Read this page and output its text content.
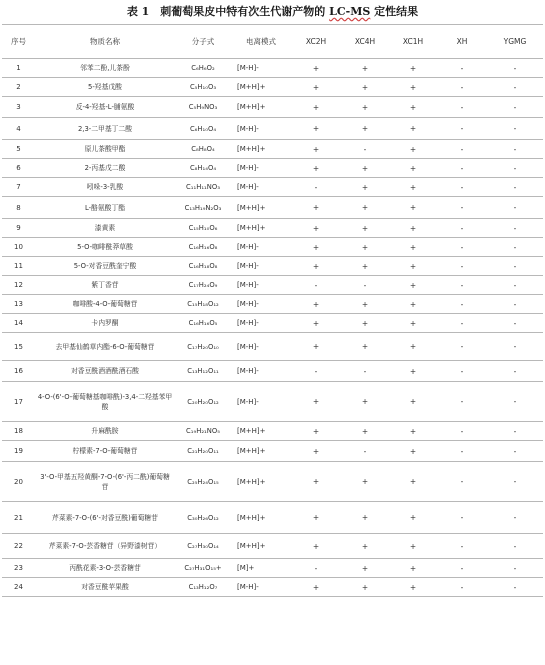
表 1　刺葡萄果皮中特有次生代谢产物的 LC-MS 定性结果
序号	物质名称	分子式	电离模式	XC2H	XC4H	XC1H	XH	YGMG
1	邻苯二酚,儿茶酚	C₆H₆O₂	[M-H]-	+	+	+	-	-
2	5-羟基戊酸	C₅H₁₀O₃	[M+H]+	+	+	+	-	-
3	反-4-羟基-L-脯氨酸	C₅H₉NO₃	[M+H]+	+	+	+	-	-
4	2,3-二甲基丁二酸	C₆H₁₀O₄	[M-H]-	+	+	+	-	-
5	原儿茶酸甲酯	C₈H₈O₄	[M+H]+	+	-	+	-	-
6	2-丙基戊二酸	C₈H₁₄O₄	[M-H]-	+	+	+	-	-
7	吲哚-3-乳酸	C₁₁H₁₁NO₃	[M-H]-	-	+	+	-	-
8	L-酪氨酸丁酯	C₁₃H₁₉N₂O₃	[M+H]+	+	+	+	-	-
9	漆黄素	C₁₅H₁₀O₆	[M+H]+	+	+	+	-	-
10	5-O-咖啡酰莽草酸	C₁₆H₁₆O₈	[M-H]-	+	+	+	-	-
11	5-O-对香豆酰奎宁酸	C₁₆H₁₈O₈	[M-H]-	+	+	+	-	-
12	紫丁香苷	C₁₇H₂₄O₉	[M-H]-	-	-	+	-	-
13	咖啡酸-4-O-葡萄糖苷	C₁₅H₁₈O₁₂	[M-H]-	+	+	+	-	-
14	卡内罗酮	C₁₆H₁₆O₅	[M-H]-	+	+	+	-	-
15	去甲基仙鹤草内酯-6-O-葡萄糖苷	C₁₇H₂₀O₁₀	[M-H]-	+	+	+	-	-
16	对香豆酰酒酒酰酒石酸	C₁₃H₁₂O₁₁	[M-H]-	-	-	+	-	-
17	4-O-(6'-O-葡萄糖基咖啡酰)-3,4-二羟基苯甲酸	C₂₀H₂₀O₁₂	[M-H]-	+	+	+	-	-
18	升麻酰胺	C₁₉H₂₁NO₅	[M+H]+	+	+	+	-	-
19	柠檬素-7-O-葡萄糖苷	C₂₁H₂₀O₁₁	[M+H]+	+	-	+	-	-
20	3'-O-甲基五羟黄酮-7-O-(6'-丙二酰)葡萄糖苷	C₂₅H₂₄O₁₅	[M+H]+	+	+	+	-	-
21	芹菜素-7-O-(6'-对香豆酰)葡萄糖苷	C₃₀H₂₆O₁₂	[M+H]+	+	+	+	-	-
22	芹菜素-7-O-芸香糖苷（异野漆树苷）	C₂₇H₃₀O₁₄	[M+H]+	+	+	+	-	-
23	丙酰花素-3-O-芸香糖苷	C₂₇H₃₁O₁₅+	[M]+	-	+	+	-	-
24	对香豆酰苹果酸	C₁₃H₁₂O₇	[M-H]-	+	+	+	-	-
